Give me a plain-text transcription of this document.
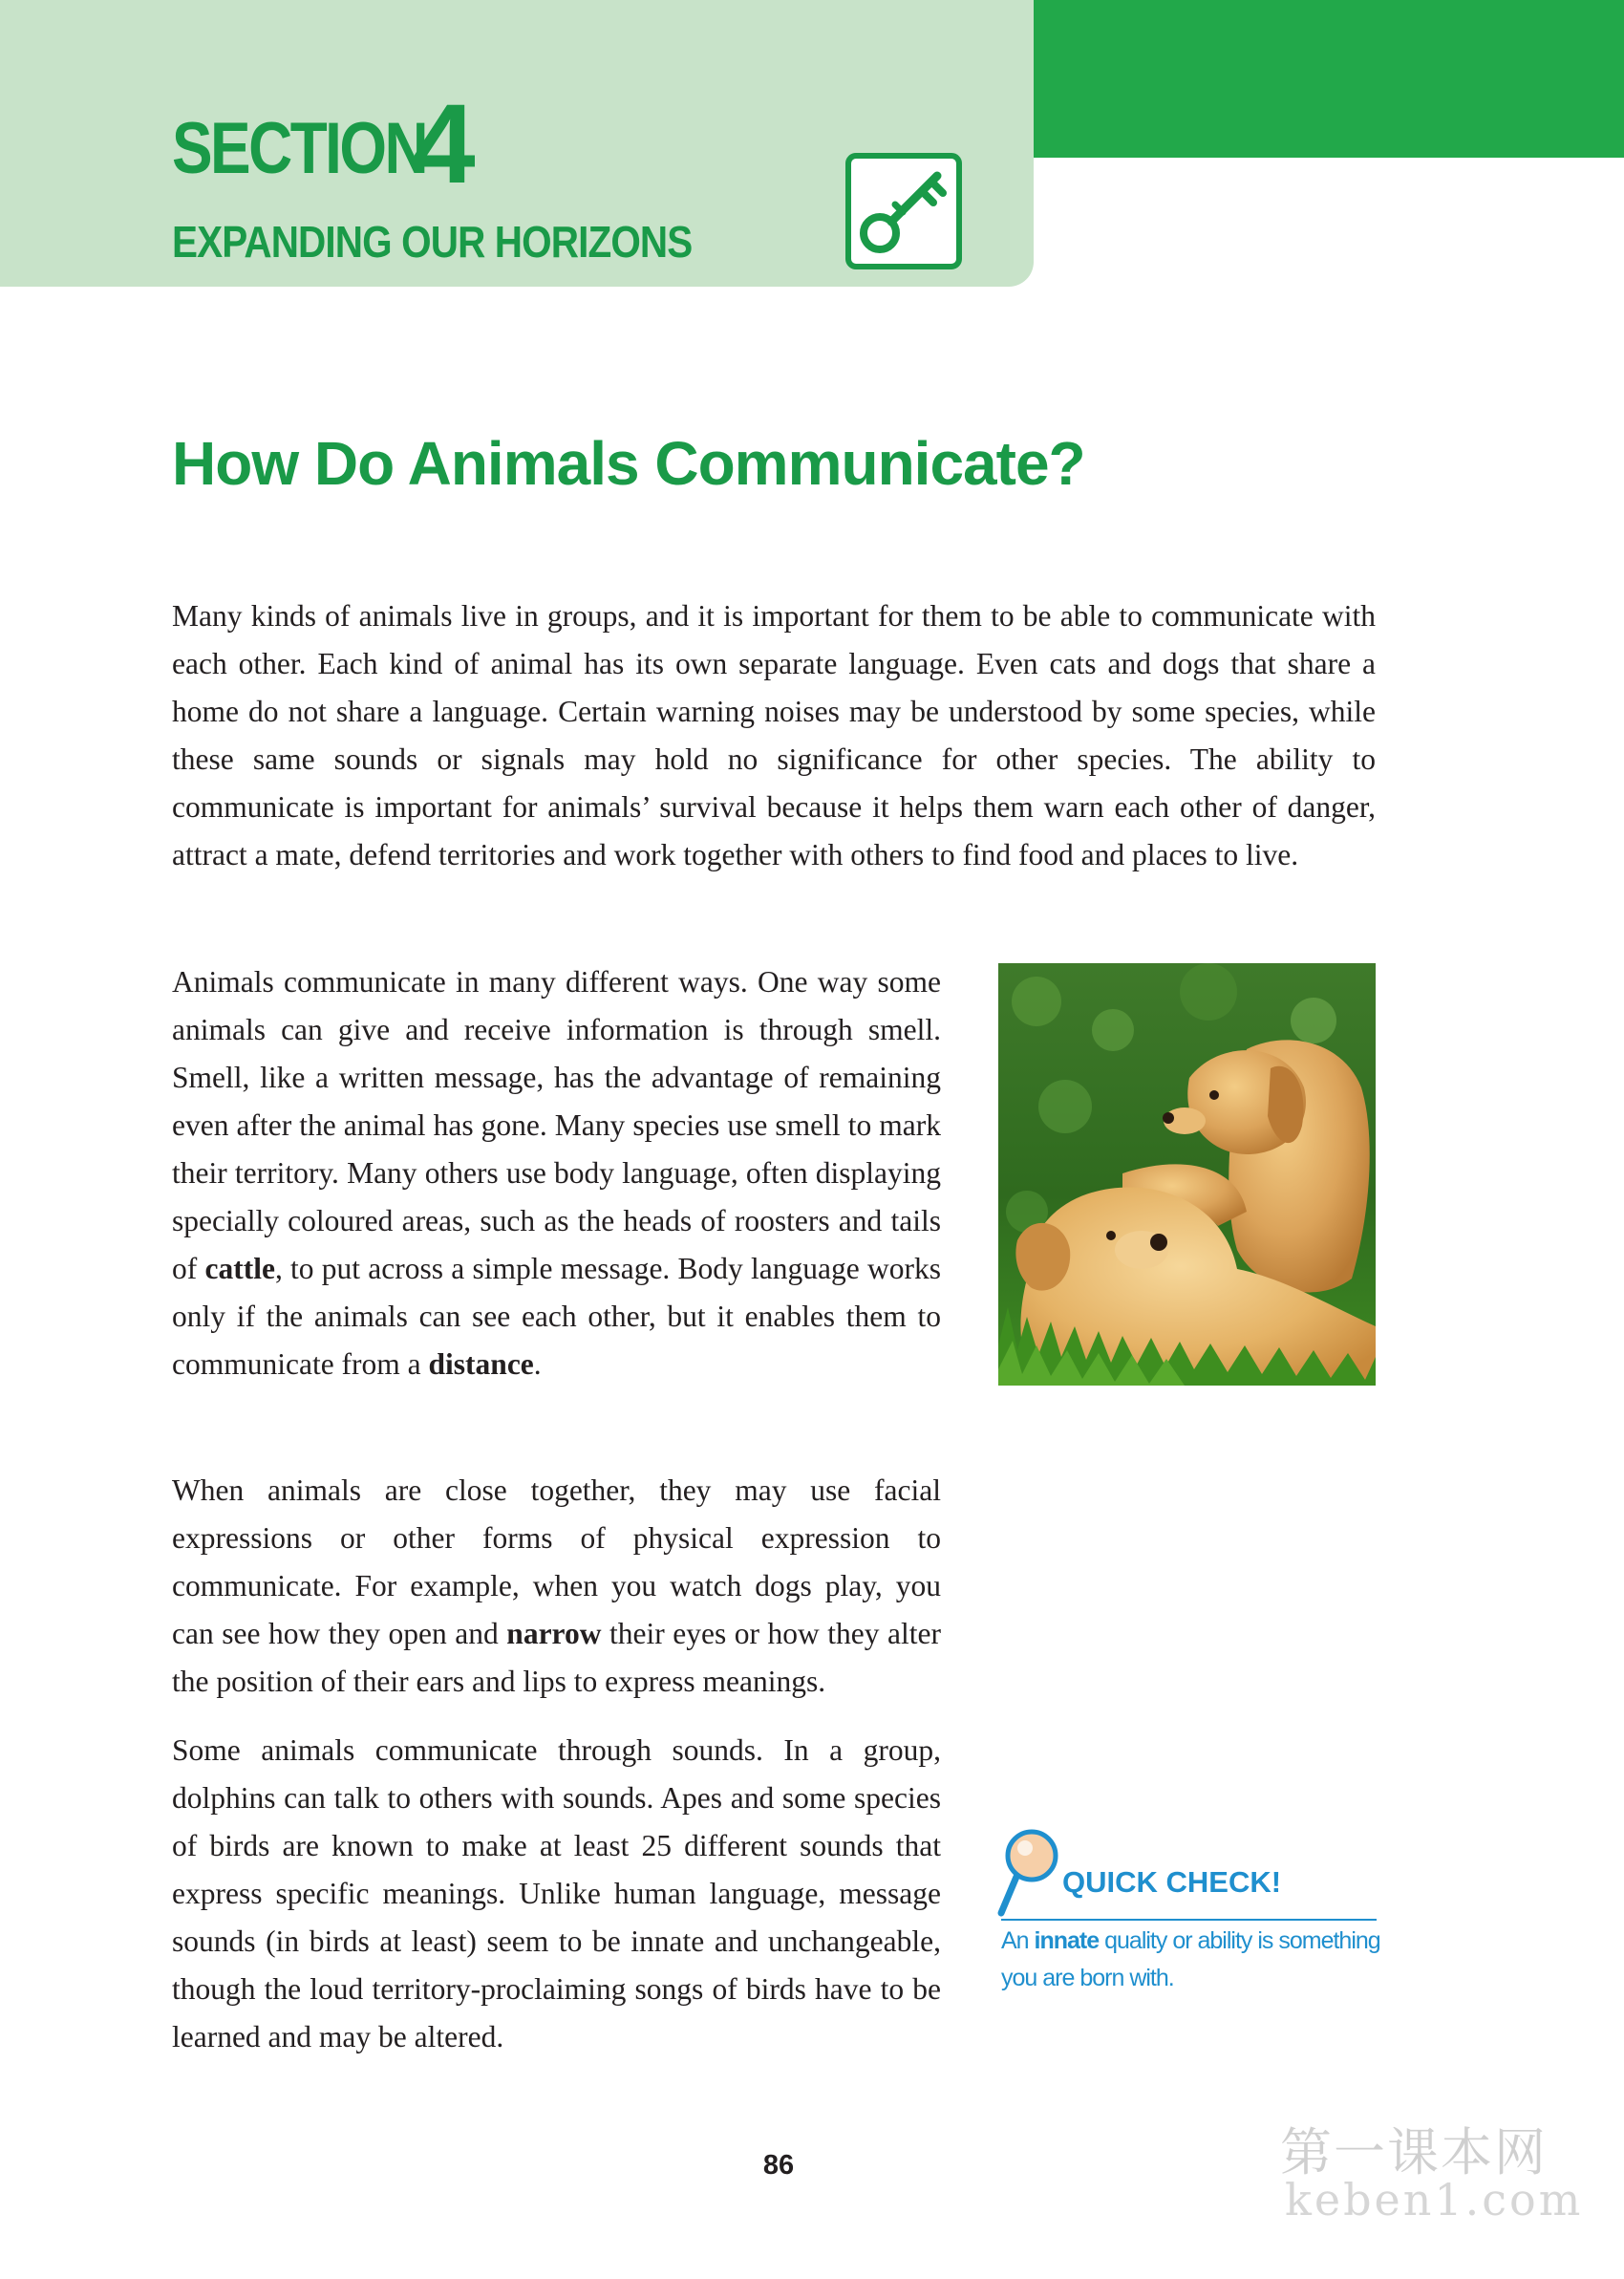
SECTION
4
EXPANDING OUR HORIZONS
How Do Animals Communicate?

Many kinds of animals live in groups, and it is important for them to be able to communicate with each other. Each kind of animal has its own separate language. Even cats and dogs that share a home do not share a language. Certain warning noises may be understood by some species, while these same sounds or signals may hold no significance for other species. The ability to communicate is important for animals’ survival because it helps them warn each other of danger, attract a mate, defend territories and work together with others to find food and places to live.

Animals communicate in many different ways. One way some animals can give and receive information is through smell. Smell, like a written message, has the advantage of remaining even after the animal has gone. Many species use smell to mark their territory. Many others use body language, often displaying specially coloured areas, such as the heads of roosters and tails of cattle, to put across a simple message. Body language works only if the animals can see each other, but it enables them to communicate from a distance.

When animals are close together, they may use facial expressions or other forms of physical expression to communicate. For example, when you watch dogs play, you can see how they open and narrow their eyes or how they alter the position of their ears and lips to express meanings.

Some animals communicate through sounds. In a group, dolphins can talk to others with sounds. Apes and some species of birds are known to make at least 25 different sounds that express specific meanings. Unlike human language, message sounds (in birds at least) seem to be innate and unchangeable, though the loud territory-proclaiming songs of birds have to be learned and may be altered.

QUICK CHECK!
An innate quality or ability is something you are born with.
86	第一课本网
keben1.com
